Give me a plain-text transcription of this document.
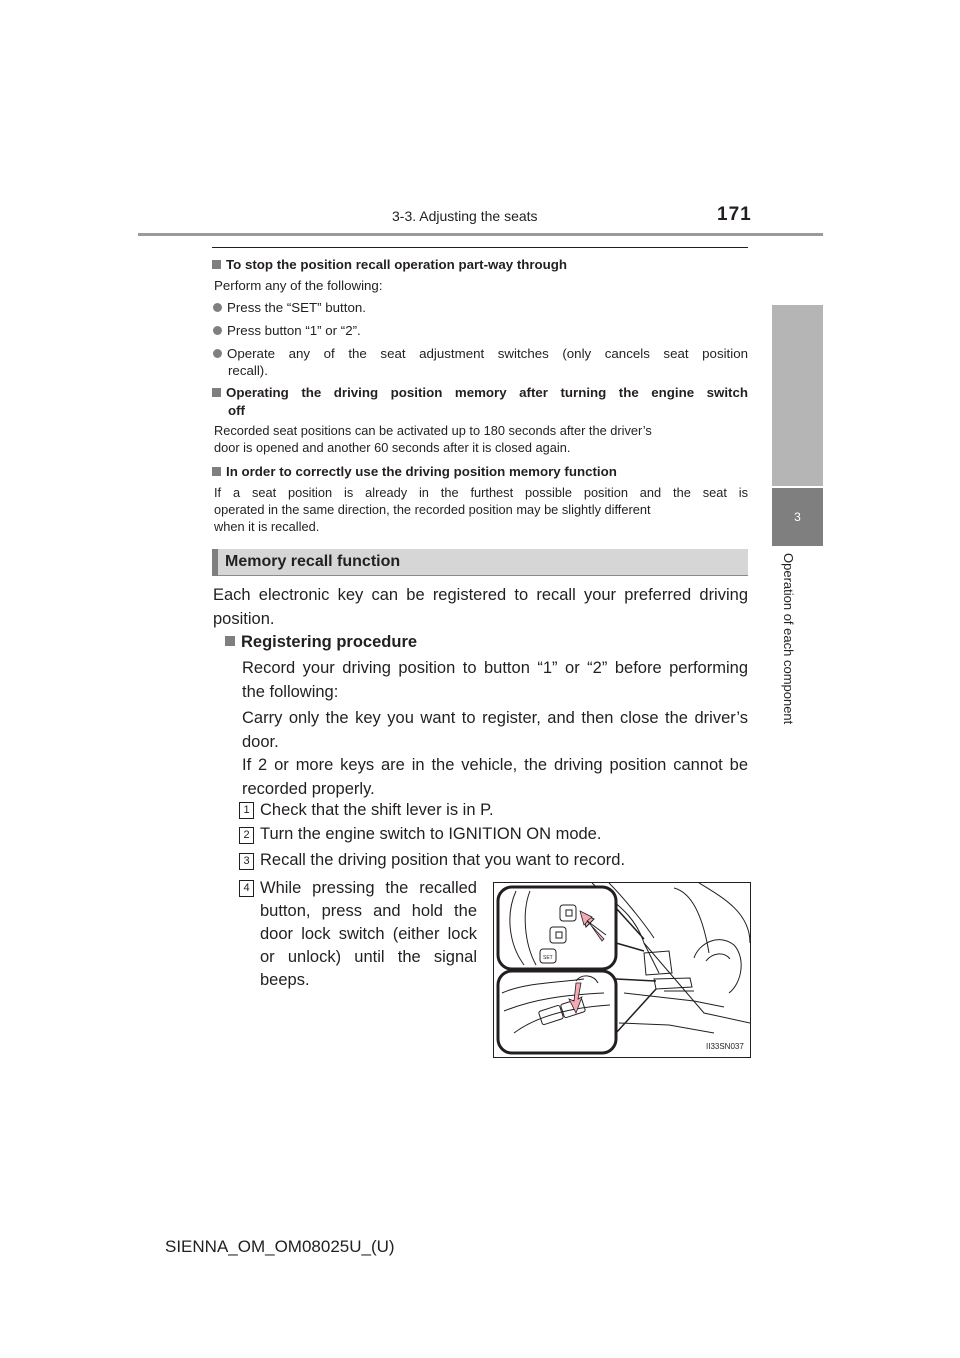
3-3. Adjusting the seats	171
3
Operation of each component
To stop the position recall operation part-way through
Perform any of the following:
Press the “SET” button.
Press button “1” or “2”.
Operate any of the seat adjustment switches (only cancels seat position
recall).
Operating the driving position memory after turning the engine switch
off
Recorded seat positions can be activated up to 180 seconds after the driver’s
door is opened and another 60 seconds after it is closed again.
In order to correctly use the driving position memory function
If a seat position is already in the furthest possible position and the seat is
operated in the same direction, the recorded position may be slightly different
when it is recalled.
Memory recall function
Each electronic key can be registered to recall your preferred driving
position.
Registering procedure
Record your driving position to button “1” or “2” before performing
the following:
Carry only the key you want to register, and then close the driver’s
door.
If 2 or more keys are in the vehicle, the driving position cannot be
recorded properly.
1 Check that the shift lever is in P.
2 Turn the engine switch to IGNITION ON mode.
3 Recall the driving position that you want to record.
4 While pressing the recalled
button, press and hold the
door lock switch (either lock
or unlock) until the signal
beeps.
SET
II33SN037
SIENNA_OM_OM08025U_(U)
